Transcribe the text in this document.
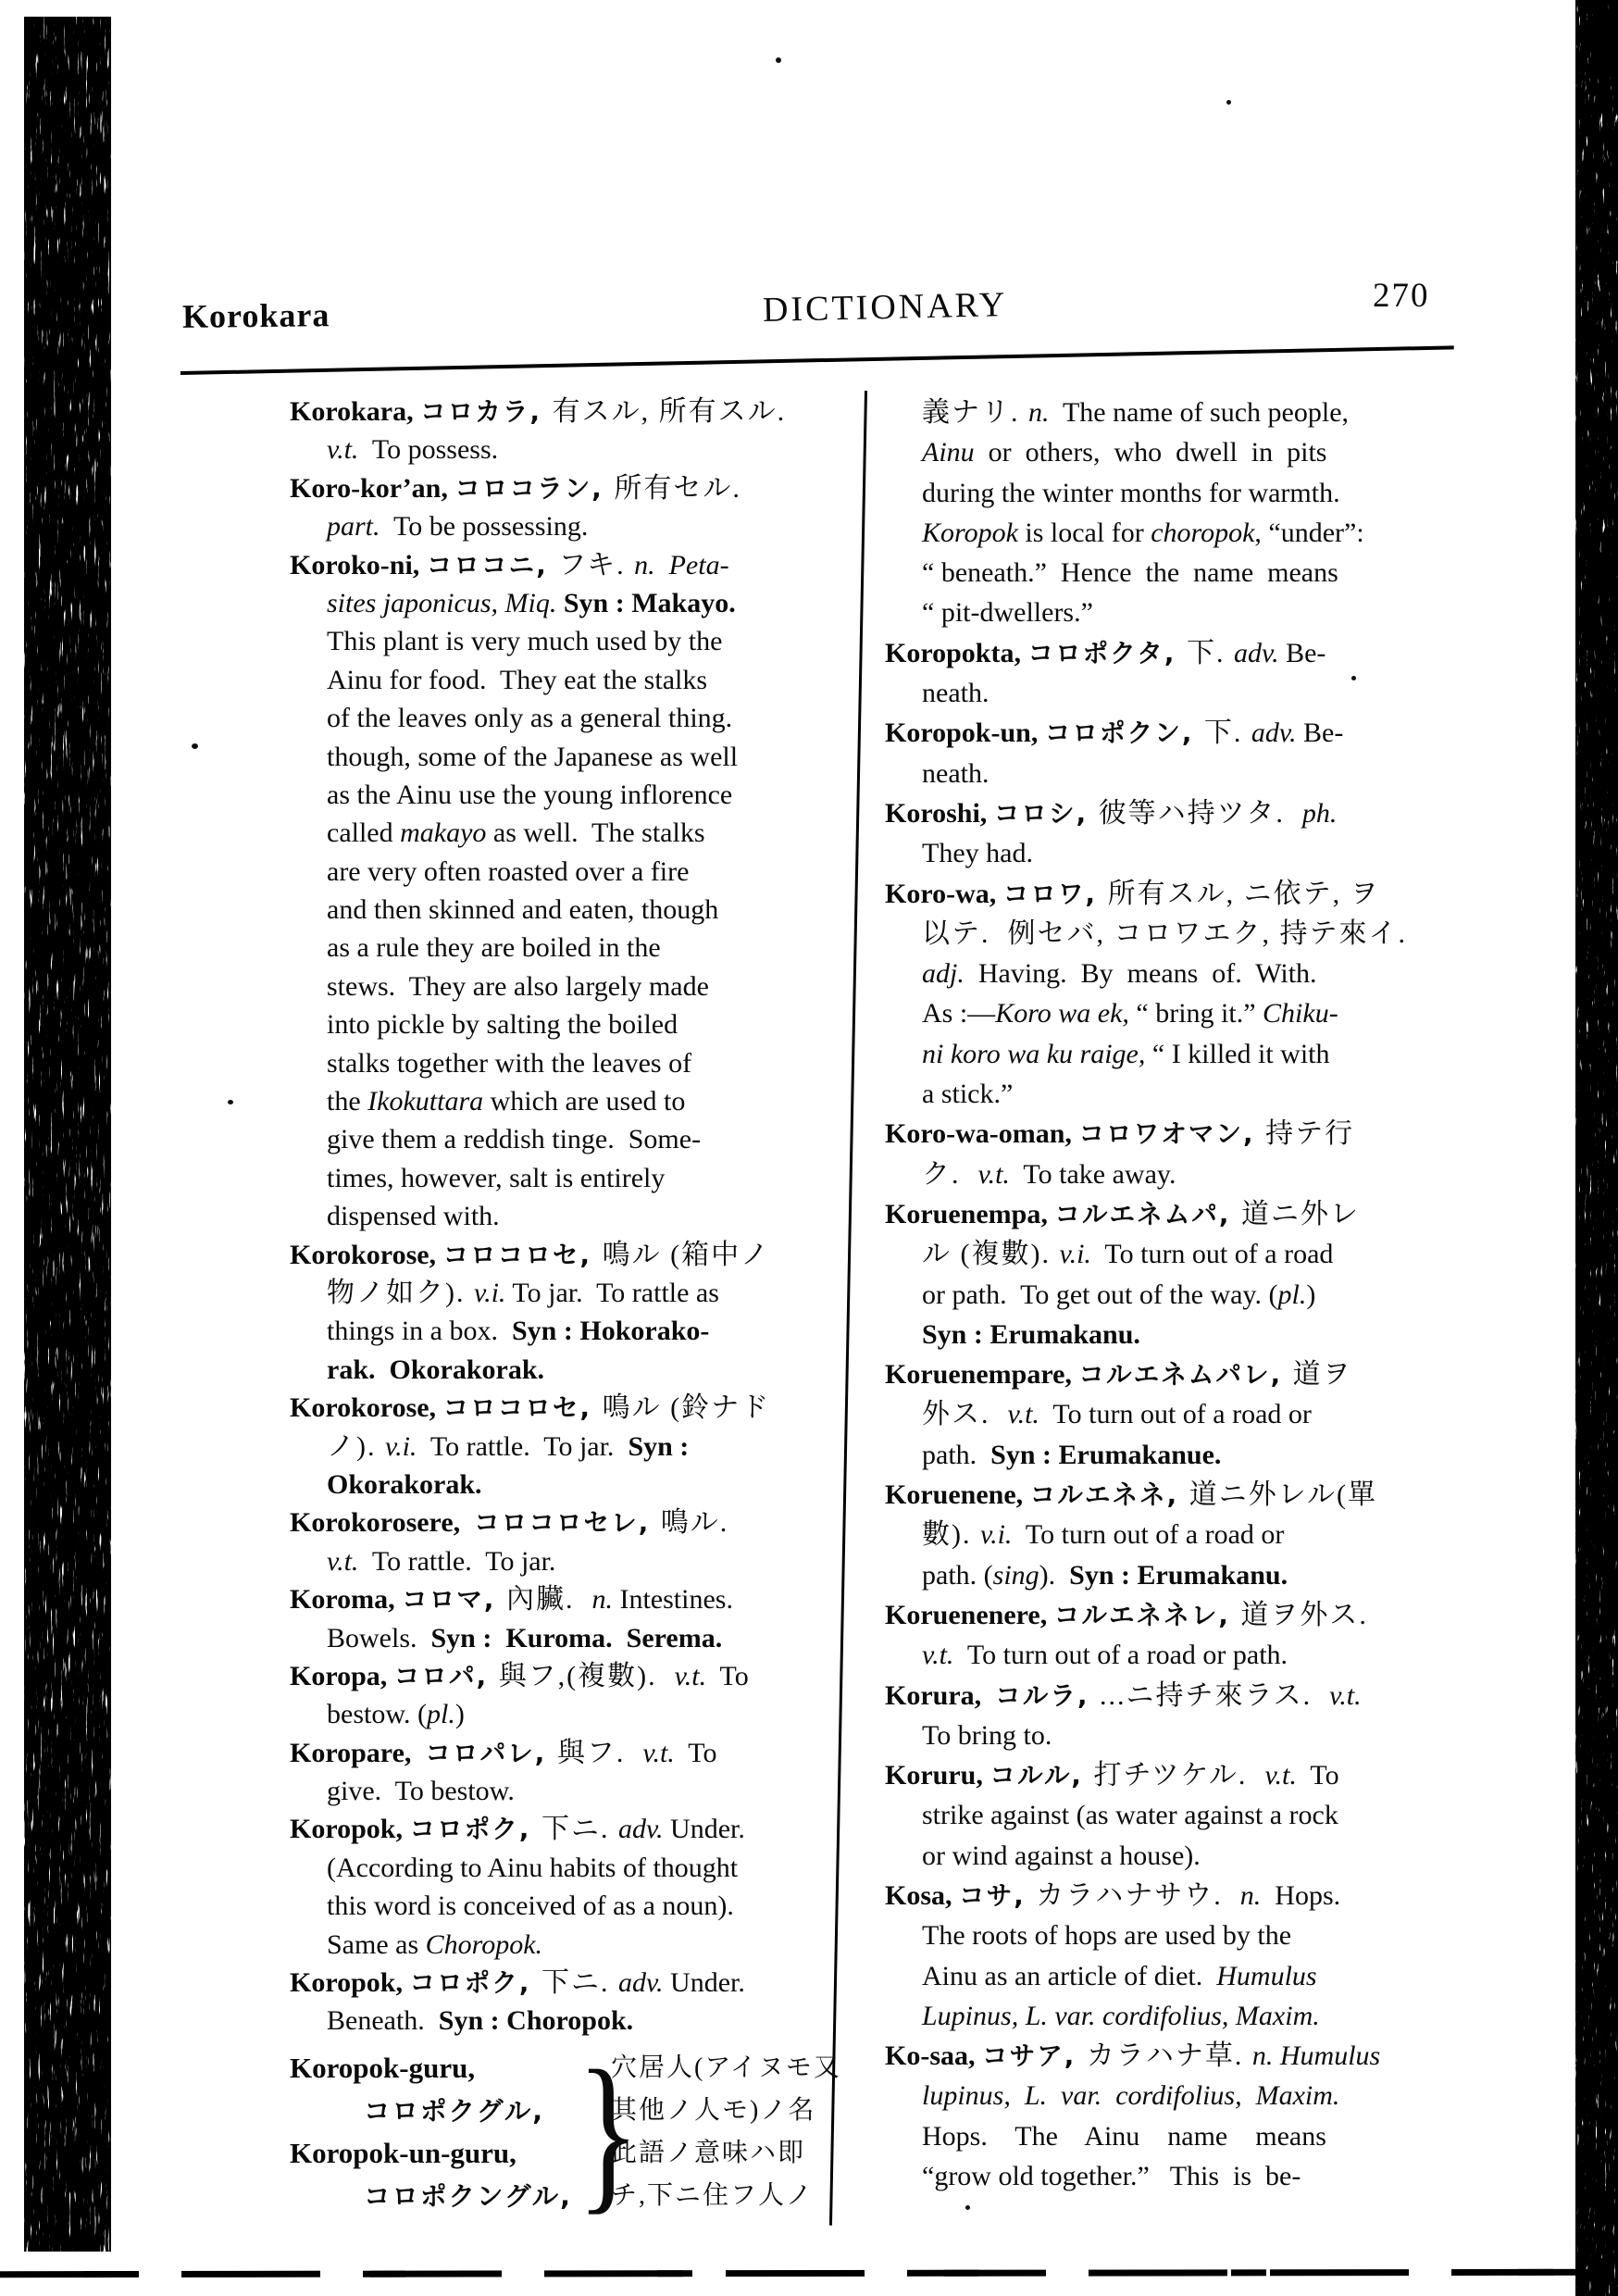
Korokara	DICTIONARY	270
Korokara, コロカラ, 有スル, 所有スル.
v.t.  To possess.
Koro-kor’an, コロコラン, 所有セル.
part.  To be possessing.
Koroko-ni, コロコニ, フキ. n.  Peta-
sites japonicus, Miq. Syn : Makayo.
This plant is very much used by the
Ainu for food.  They eat the stalks
of the leaves only as a general thing.
though, some of the Japanese as well
as the Ainu use the young inflorence
called makayo as well.  The stalks
are very often roasted over a fire
and then skinned and eaten, though
as a rule they are boiled in the
stews.  They are also largely made
into pickle by salting the boiled
stalks together with the leaves of
the Ikokuttara which are used to
give them a reddish tinge.  Some-
times, however, salt is entirely
dispensed with.
Korokorose, コロコロセ, 鳴ル (箱中ノ
物ノ如ク). v.i. To jar.  To rattle as
things in a box.  Syn : Hokorako-
rak.  Okorakorak.
Korokorose, コロコロセ, 鳴ル (鈴ナド
ノ). v.i.  To rattle.  To jar.  Syn :
Okorakorak.
Korokorosere,  コロコロセレ, 鳴ル.
v.t.  To rattle.  To jar.
Koroma, コロマ, 內臟.  n. Intestines.
Bowels.  Syn :  Kuroma.  Serema.
Koropa, コロパ, 與フ,(複數).  v.t.  To
bestow. (pl.)
Koropare,  コロパレ, 與フ.  v.t.  To
give.  To bestow.
Koropok, コロポク, 下ニ. adv. Under.
(According to Ainu habits of thought
this word is conceived of as a noun).
Same as Choropok.
Koropok, コロポク, 下ニ. adv. Under.
Beneath.  Syn : Choropok.
Koropok-guru,
コロポクグル,
Koropok-un-guru,
コロポクングル, }
穴居人(アイヌモ又
其他ノ人モ)ノ名
此語ノ意味ハ即
チ,下ニ住フ人ノ
義ナリ. n.  The name of such people,
Ainu  or  others,  who  dwell  in  pits
during the winter months for warmth.
Koropok is local for choropok, “under”:
“ beneath.”  Hence  the  name  means
“ pit-dwellers.”
Koropokta, コロポクタ, 下. adv. Be-
neath.
Koropok-un, コロポクン, 下. adv. Be-
neath.
Koroshi, コロシ, 彼等ハ持ツタ.  ph.
They had.
Koro-wa, コロワ, 所有スル, ニ依テ, ヲ
以テ.  例セバ, コロワエク, 持テ來イ.
adj.  Having.  By  means  of.  With.
As :—Koro wa ek, “ bring it.” Chiku-
ni koro wa ku raige, “ I killed it with
a stick.”
Koro-wa-oman, コロワオマン, 持テ行
ク.  v.t.  To take away.
Koruenempa, コルエネムパ, 道ニ外レ
ル (複數). v.i.  To turn out of a road
or path.  To get out of the way. (pl.)
Syn : Erumakanu.
Koruenempare, コルエネムパレ, 道ヲ
外ス.  v.t.  To turn out of a road or
path.  Syn : Erumakanue.
Koruenene, コルエネネ, 道ニ外レル(單
數). v.i.  To turn out of a road or
path. (sing).  Syn : Erumakanu.
Koruenenere, コルエネネレ, 道ヲ外ス.
v.t.  To turn out of a road or path.
Korura,  コルラ, ...ニ持チ來ラス.  v.t.
To bring to.
Koruru, コルル, 打チツケル.  v.t.  To
strike against (as water against a rock
or wind against a house).
Kosa, コサ, カラハナサウ.  n.  Hops.
The roots of hops are used by the
Ainu as an article of diet.  Humulus
Lupinus, L. var. cordifolius, Maxim.
Ko-saa, コサア, カラハナ草. n. Humulus
lupinus,  L.  var.  cordifolius,  Maxim.
Hops.    The    Ainu    name    means
“grow old together.”   This  is  be-
